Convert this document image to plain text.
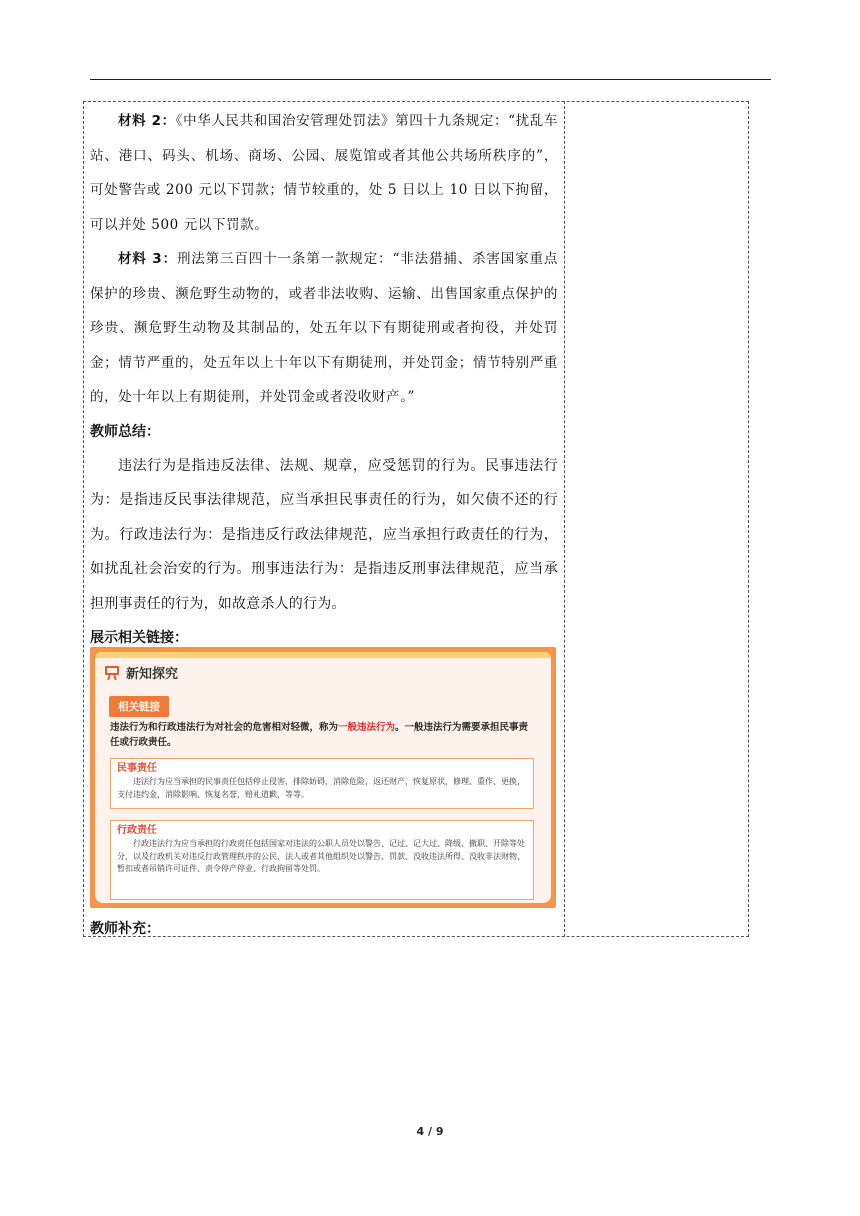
材料 2：《中华人民共和国治安管理处罚法》第四十九条规定：“扰乱车站、港口、码头、机场、商场、公园、展览馆或者其他公共场所秩序的”，可处警告或 200 元以下罚款；情节较重的，处 5 日以上 10 日以下拘留，可以并处 500 元以下罚款。

材料 3：刑法第三百四十一条第一款规定：“非法猎捕、杀害国家重点保护的珍贵、濒危野生动物的，或者非法收购、运输、出售国家重点保护的珍贵、濒危野生动物及其制品的，处五年以下有期徒刑或者拘役，并处罚金；情节严重的，处五年以上十年以下有期徒刑，并处罚金；情节特别严重的，处十年以上有期徒刑，并处罚金或者没收财产。”

教师总结：

违法行为是指违反法律、法规、规章，应受惩罚的行为。民事违法行为：是指违反民事法律规范，应当承担民事责任的行为，如欠债不还的行为。行政违法行为：是指违反行政法律规范，应当承担行政责任的行为，如扰乱社会治安的行为。刑事违法行为：是指违反刑事法律规范，应当承担刑事责任的行为，如故意杀人的行为。

展示相关链接：

新知探究
相关链接
违法行为和行政违法行为对社会的危害相对轻微，称为一般违法行为。一般违法行为需要承担民事责任或行政责任。
民事责任
违法行为应当承担的民事责任包括停止侵害，排除妨碍，消除危险，返还财产，恢复原状，修理、重作、更换，支付违约金，消除影响、恢复名誉，赔礼道歉，等等。
行政责任
行政违法行为应当承担的行政责任包括国家对违法的公职人员处以警告、记过、记大过、降级、撤职、开除等处分，以及行政机关对违反行政管理秩序的公民、法人或者其他组织处以警告、罚款、没收违法所得、没收非法财物、暂扣或者吊销许可证件、责令停产停业、行政拘留等处罚。
教师补充：
4 / 9
